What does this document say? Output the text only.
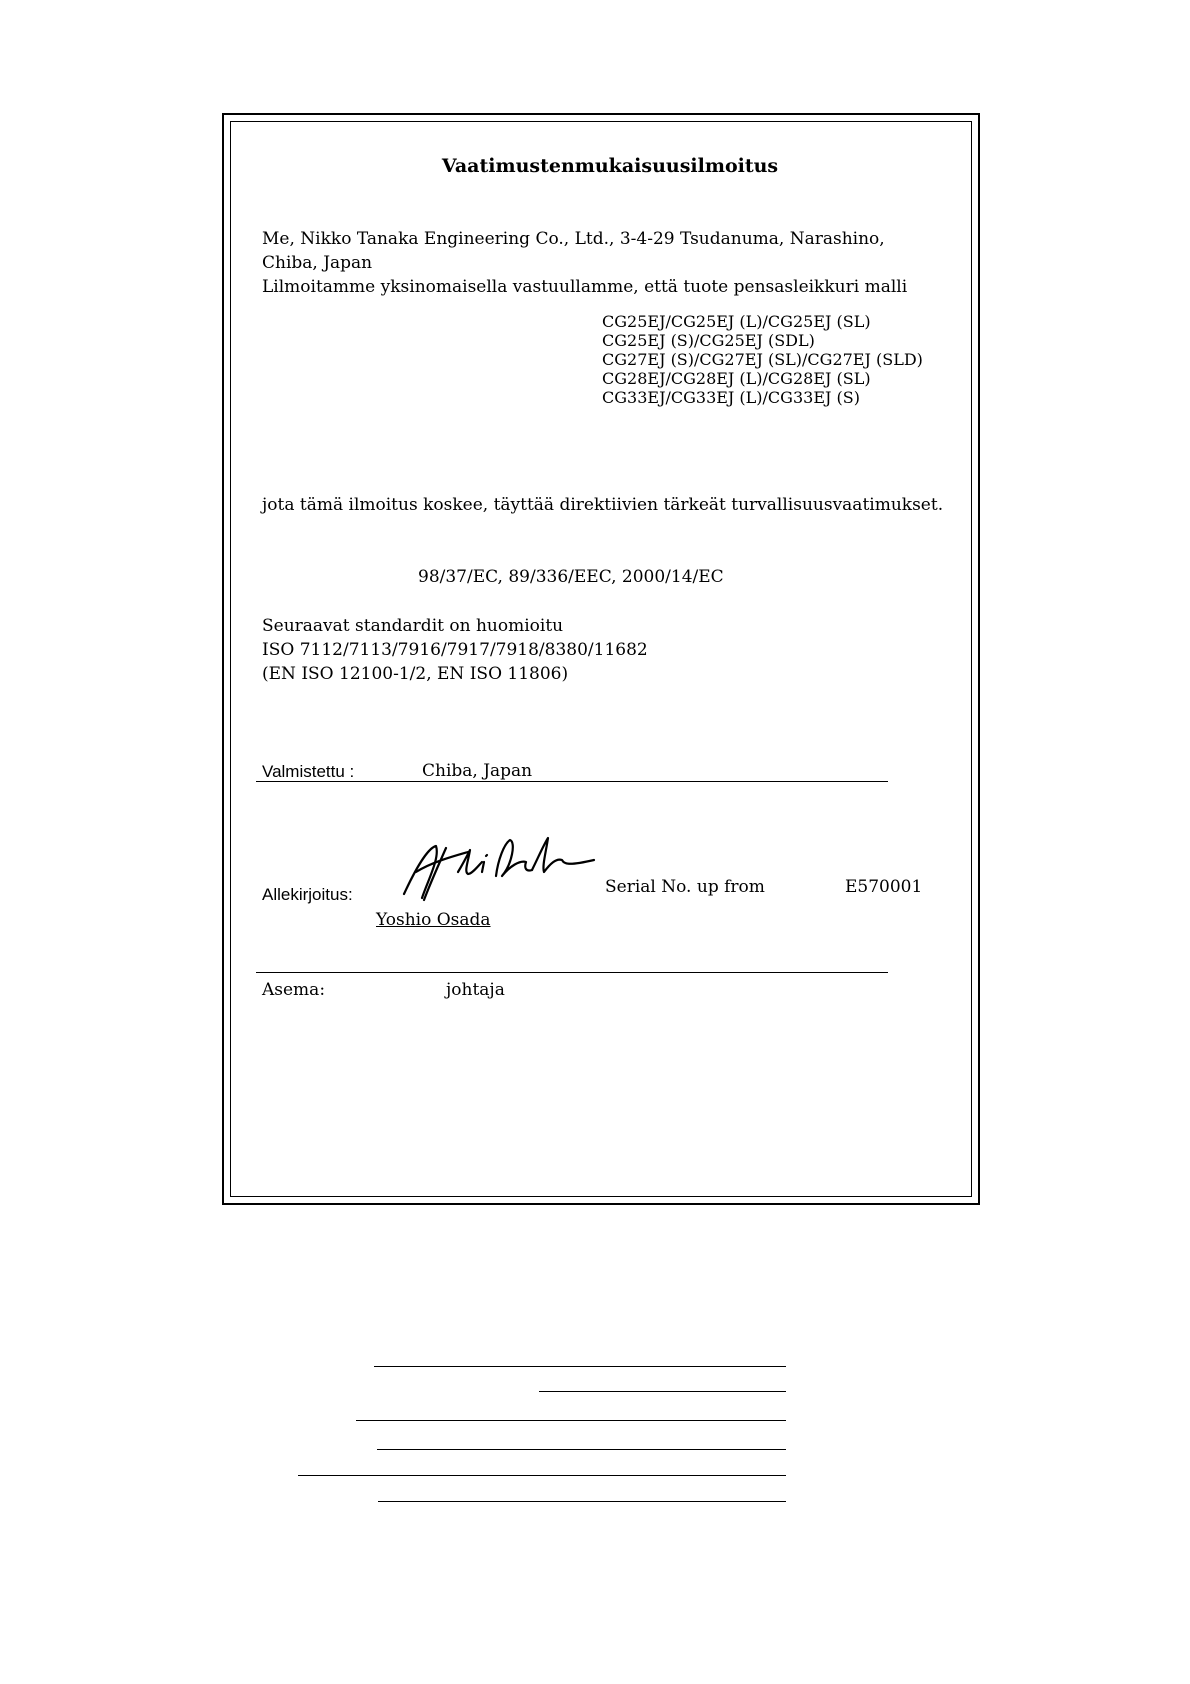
Vaatimustenmukaisuusilmoitus
Me, Nikko Tanaka Engineering Co., Ltd., 3-4-29 Tsudanuma, Narashino,
Chiba, Japan
Lilmoitamme yksinomaisella vastuullamme, että tuote pensasleikkuri malli
CG25EJ/CG25EJ (L)/CG25EJ (SL)
CG25EJ (S)/CG25EJ (SDL)
CG27EJ (S)/CG27EJ (SL)/CG27EJ (SLD)
CG28EJ/CG28EJ (L)/CG28EJ (SL)
CG33EJ/CG33EJ (L)/CG33EJ (S)
jota tämä ilmoitus koskee, täyttää direktiivien tärkeät turvallisuusvaatimukset.
98/37/EC, 89/336/EEC, 2000/14/EC
Seuraavat standardit on huomioitu
ISO 7112/7113/7916/7917/7918/8380/11682
(EN ISO 12100-1/2, EN ISO 11806)
Valmistettu :	Chiba, Japan
Allekirjoitus:	Serial No. up from	E570001
Yoshio Osada
Asema:	johtaja
